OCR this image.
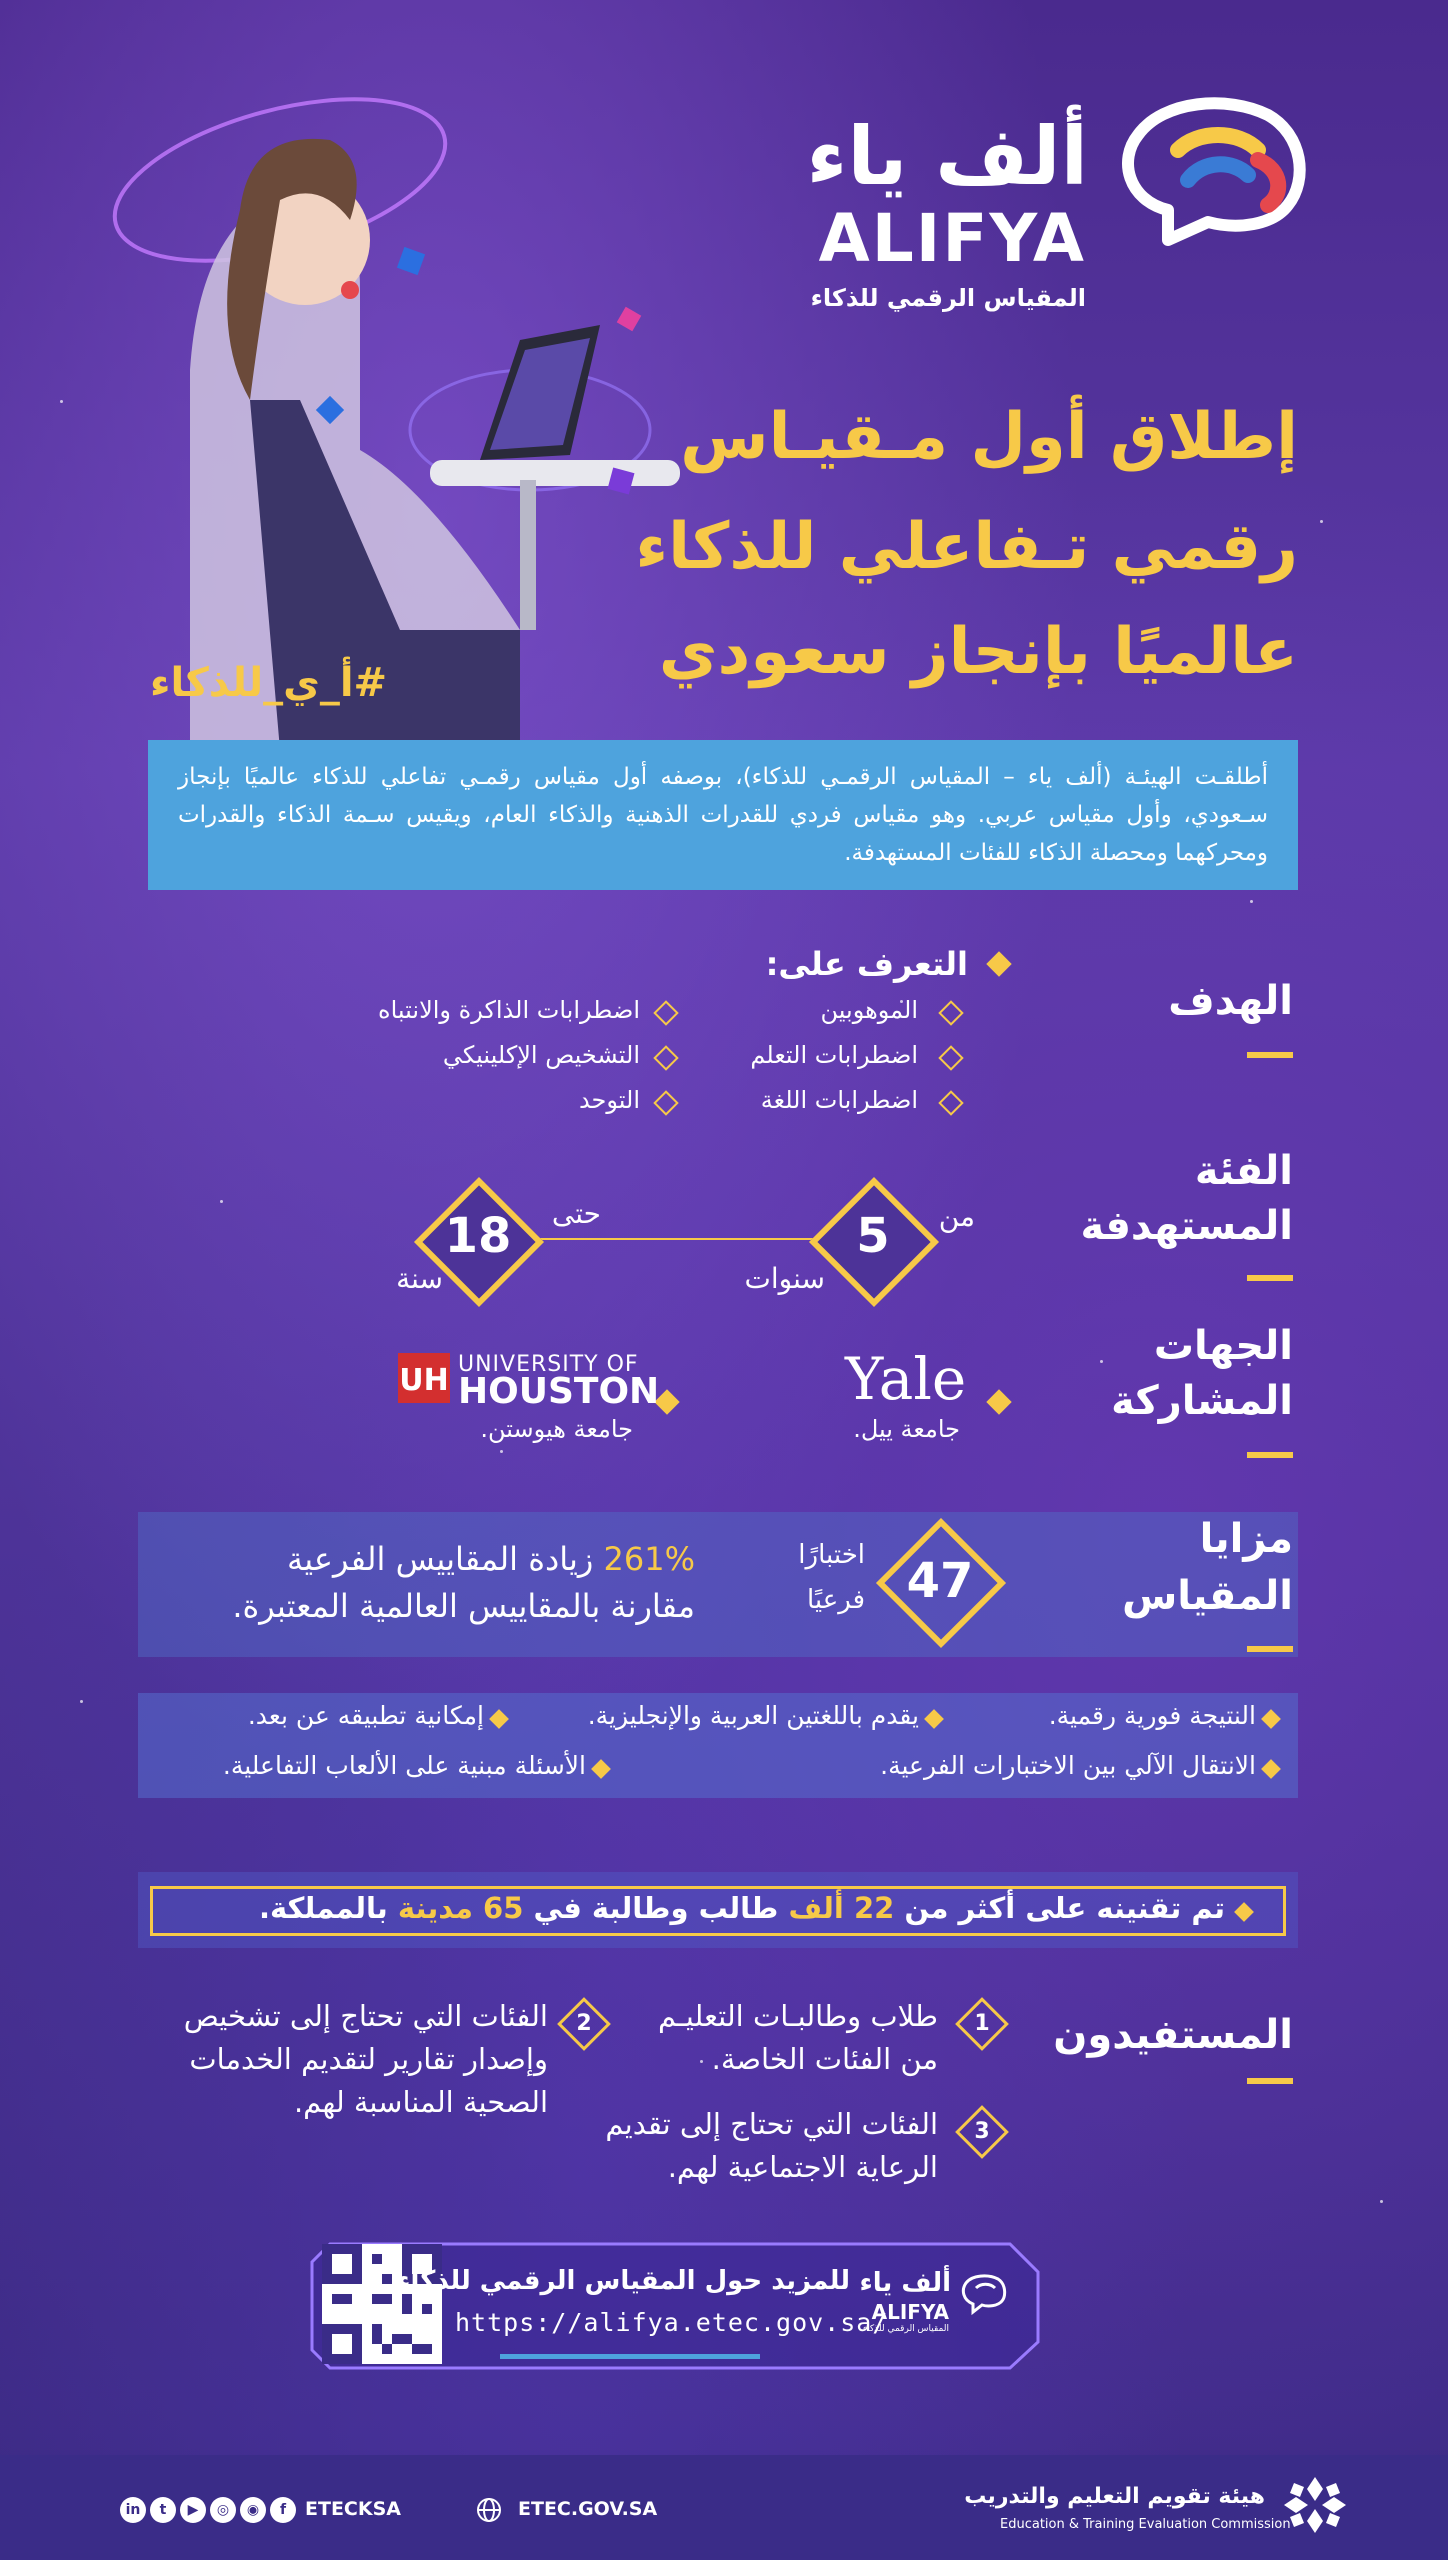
ألف ياء
ALIFYA
المقياس الرقمي للذكاء
#أ_ي_للذكاء
إطلاق أول مـقيـاس
رقمي تـفاعلي للذكاء
عالميًا بإنجاز سعودي
أطلقـت الهيئـة (ألف ياء – المقياس الرقمـي للذكاء)، بوصفه أول مقياس رقمـي تفاعلي للذكاء عالميًا بإنجاز سـعودي، وأول مقياس عربي. وهو مقياس فردي للقدرات الذهنية والذكاء العام، ويقيس سـمة الذكاء والقدرات ومحركهما ومحصلة الذكاء للفئات المستهدفة.
الهدف
التعرف على:
الموهوبين
اضطرابات التعلم
اضطرابات اللغة
اضطرابات الذاكرة والانتباه
التشخيص الإكلينيكي
التوحد
الفئة
المستهدفة
من
5
سنوات
حتى
18
سنة
الجهات
المشاركة
Yale
جامعة ييل.
UH UNIVERSITY OF
HOUSTON
جامعة هيوستن.
مزايا
المقياس
47
اختبارًا
فرعيًا
261% زيادة المقاييس الفرعية
مقارنة بالمقاييس العالمية المعتبرة.
النتيجة فورية رقمية.
يقدم باللغتين العربية والإنجليزية.
إمكانية تطبيقه عن بعد.
الانتقال الآلي بين الاختبارات الفرعية.
الأسئلة مبنية على الألعاب التفاعلية.
تم تقنينه على أكثر من 22 ألف طالب وطالبة في 65 مدينة بالمملكة.
المستفيدون
1
طلاب وطالبـات التعليـم
من الفئات الخاصة.
2
الفئات التي تحتاج إلى تشخيص
وإصدار تقارير لتقديم الخدمات
الصحية المناسبة لهم.
3
الفئات التي تحتاج إلى تقديم
الرعاية الاجتماعية لهم.
للمزيد حول المقياس الرقمي للذكاء
https://alifya.etec.gov.sa/
ألف ياء
ALIFYA
المقياس الرقمي للذكاء
هيئة تقويم التعليم والتدريب
Education & Training Evaluation Commission
ETEC.GOV.SA
ETECKSA
in	t	▶	◎	◉	f
